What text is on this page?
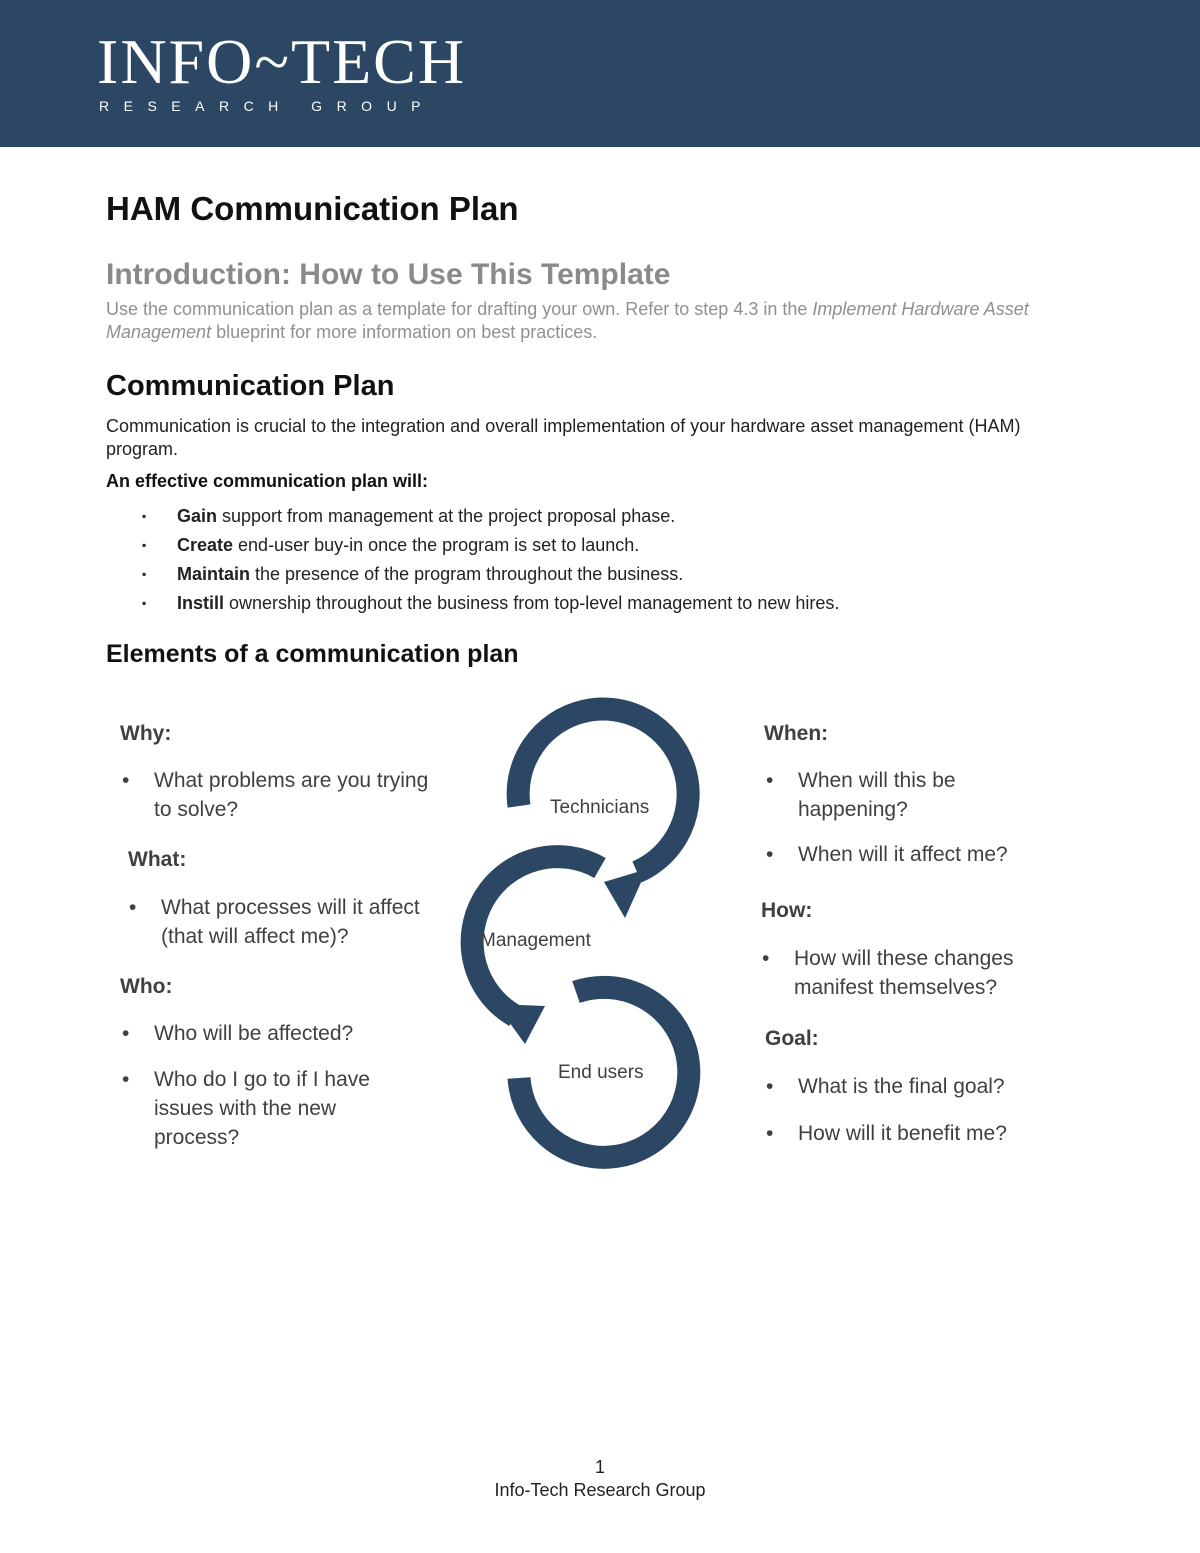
INFO~TECH
RESEARCH GROUP
HAM Communication Plan
Introduction: How to Use This Template

Use the communication plan as a template for drafting your own. Refer to step 4.3 in the Implement Hardware Asset Management blueprint for more information on best practices.

Communication Plan

Communication is crucial to the integration and overall implementation of your hardware asset management (HAM) program.

An effective communication plan will:

▪ Gain support from management at the project proposal phase.
▪ Create end-user buy-in once the program is set to launch.
▪ Maintain the presence of the program throughout the business.
▪ Instill ownership throughout the business from top-level management to new hires.
Elements of a communication plan
Technicians
Management
End users
Why:
• What problems are you trying to solve?
What:
• What processes will it affect (that will affect me)?
Who:
• Who will be affected?
• Who do I go to if I have issues with the new process?
When:
• When will this be happening?
• When will it affect me?
How:
• How will these changes manifest themselves?
Goal:
• What is the final goal?
• How will it benefit me?
1
Info-Tech Research Group
